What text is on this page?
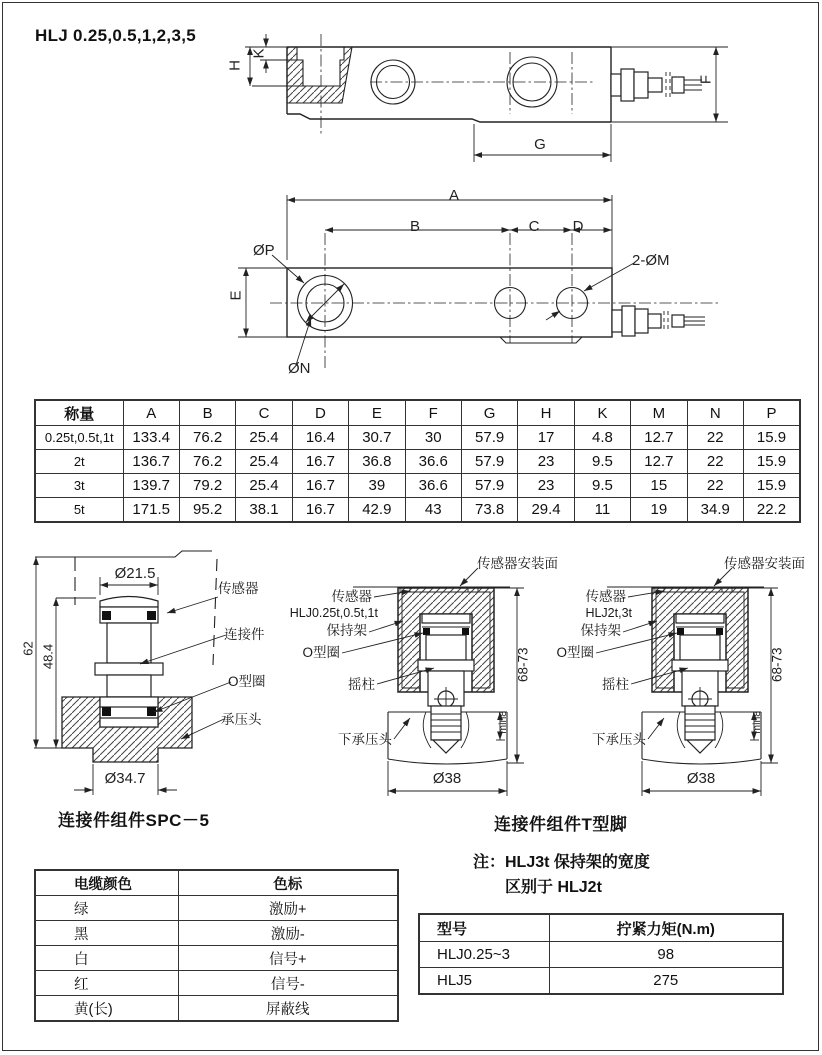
HLJ 0.25,0.5,1,2,3,5
K
H
F
G
A
B	C	D
E
ØP
ØN
2-ØM
称量	A	B	C	D	E	F	G	H	K	M	N	P
0.25t,0.5t,1t	133.4	76.2	25.4	16.4	30.7	30	57.9	17	4.8	12.7	22	15.9
2t	136.7	76.2	25.4	16.7	36.8	36.6	57.9	23	9.5	12.7	22	15.9
3t	139.7	79.2	25.4	16.7	39	36.6	57.9	23	9.5	15	22	15.9
5t	171.5	95.2	38.1	16.7	42.9	43	73.8	29.4	11	19	34.9	22.2
Ø21.5
62 48.4
Ø34.7
传感器
连接件
O型圈
承压头
连接件组件SPC－5
传感器安装面
传感器
HLJ0.25t,0.5t,1t
保持架
O型圈
摇柱
下承压头
68-73
min8
Ø38
传感器安装面
传感器
HLJ2t,3t
保持架
O型圈
摇柱
下承压头
68-73
min8
Ø38
连接件组件T型脚
注：HLJ3t 保持架的宽度
区别于 HLJ2t
电缆颜色	色标
绿	激励+
黑	激励-
白	信号+
红	信号-
黄(长)	屏蔽线
型号	拧紧力矩(N.m)
HLJ0.25~3	98
HLJ5	275
